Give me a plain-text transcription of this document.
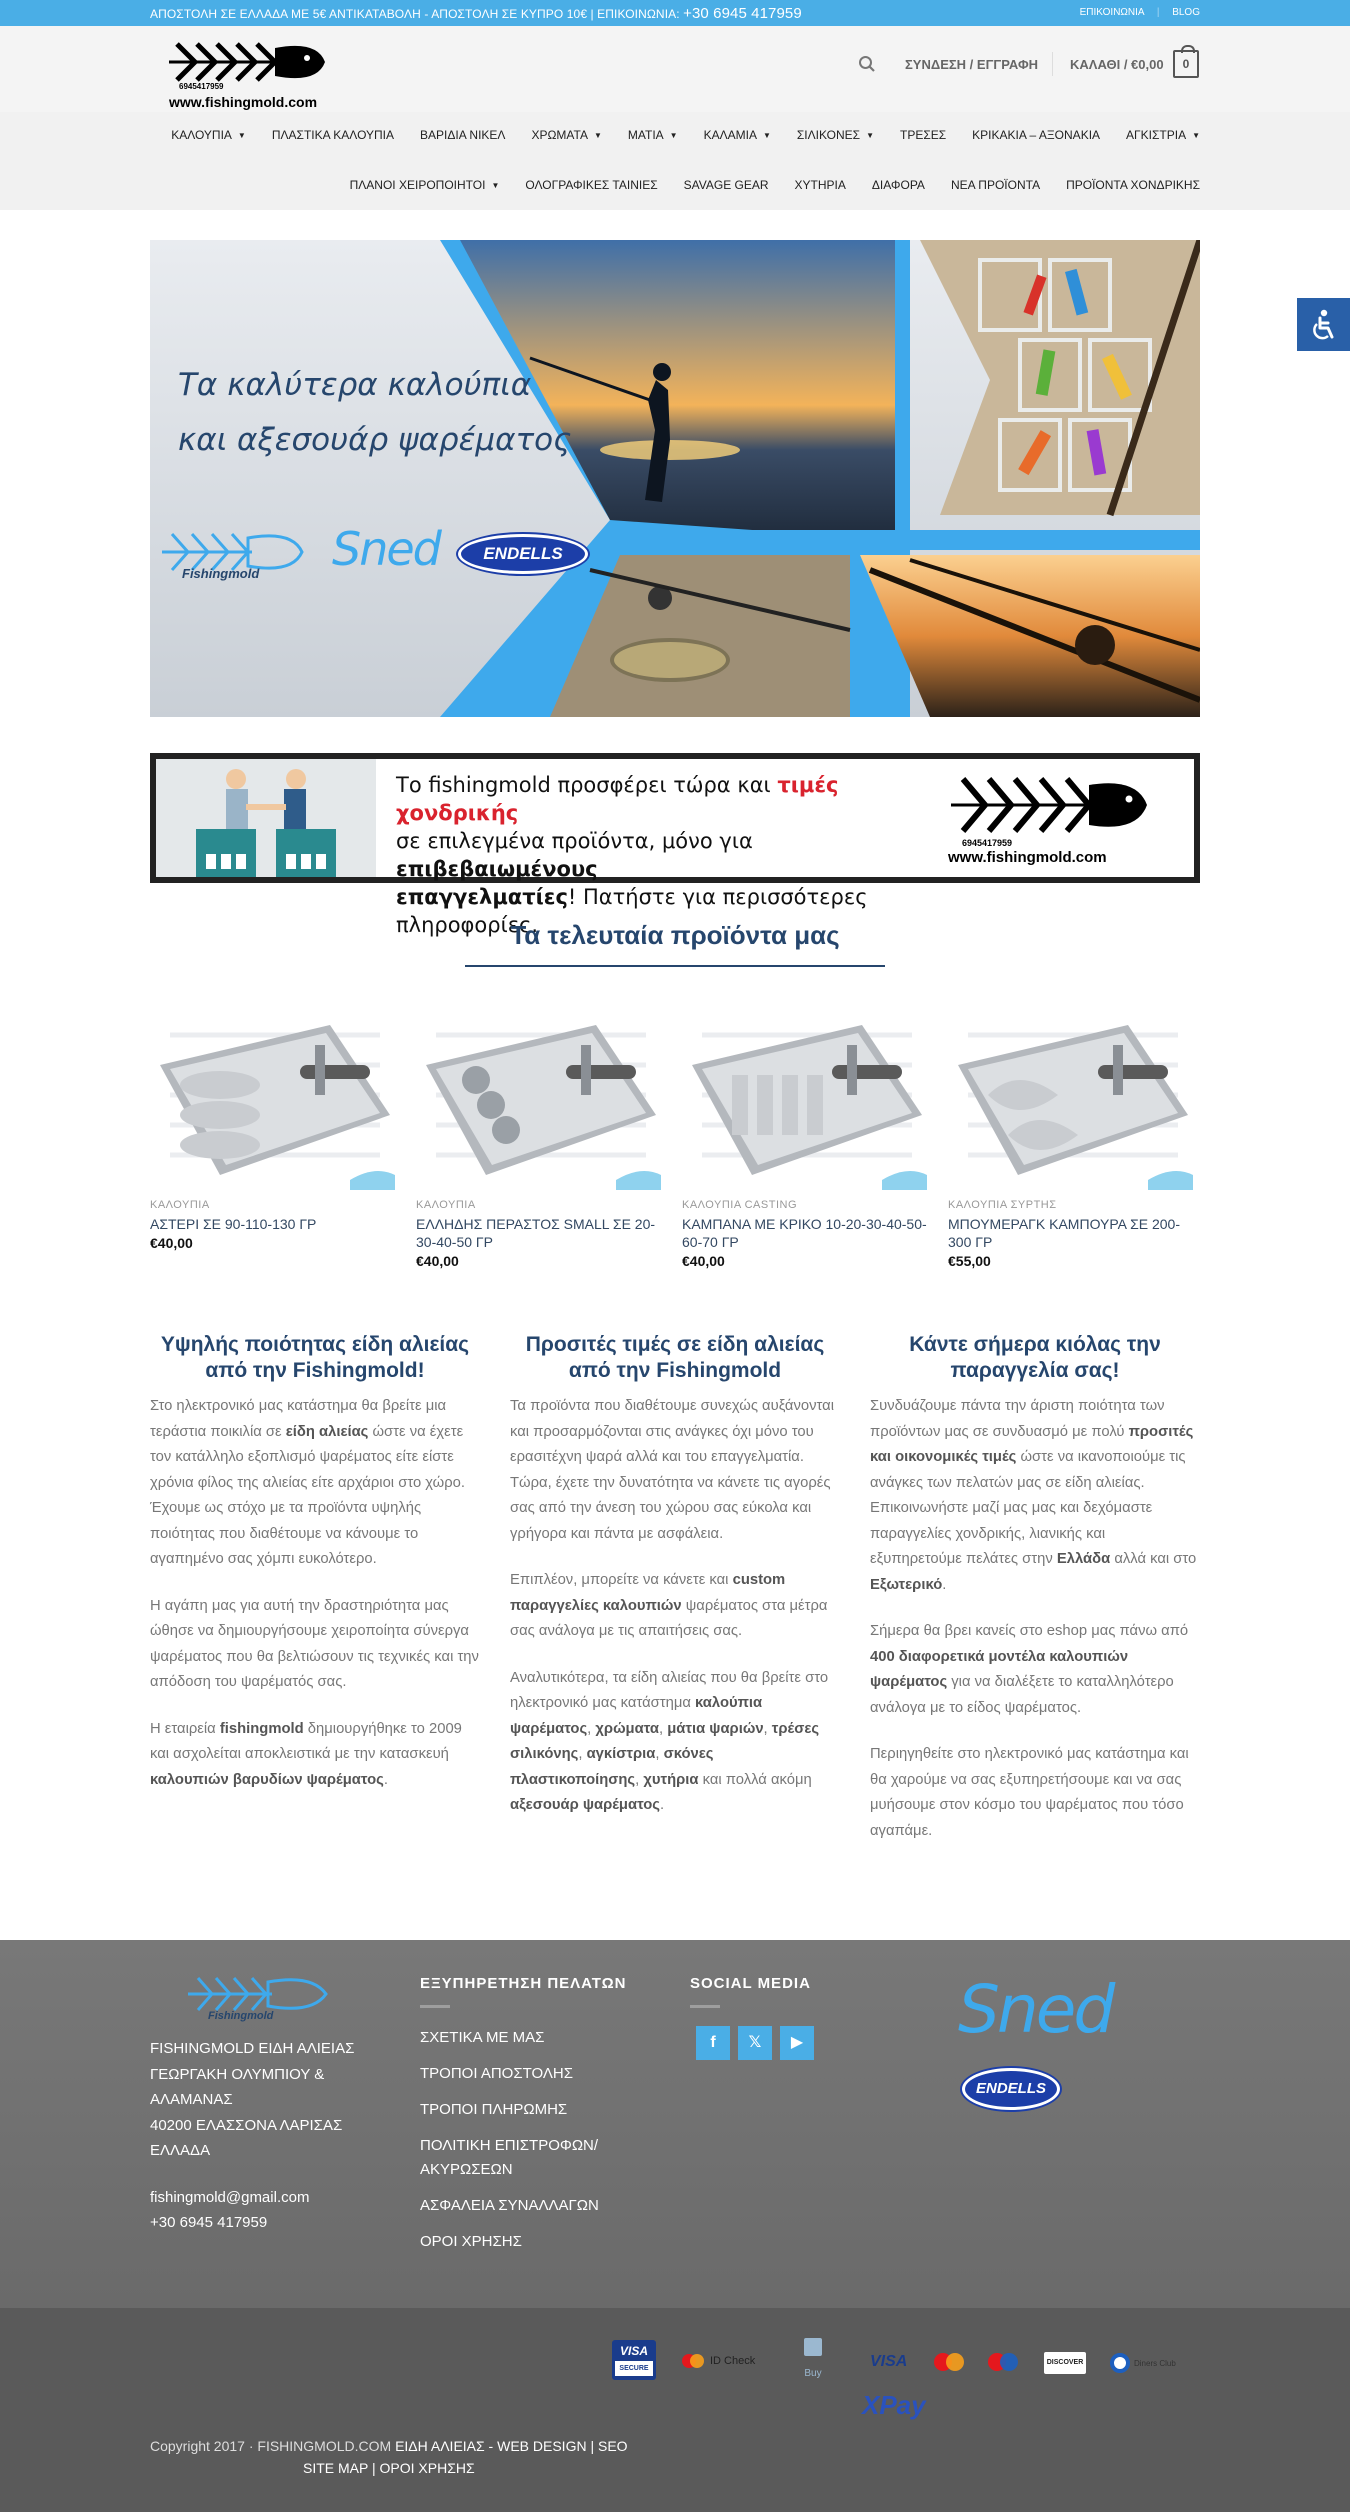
ΑΠΟΣΤΟΛΗ ΣΕ ΕΛΛΑΔΑ ΜΕ 5€ ΑΝΤΙΚΑΤΑΒΟΛΗ - ΑΠΟΣΤΟΛΗ ΣΕ ΚΥΠΡΟ 10€ | ΕΠΙΚΟΙΝΩΝΙΑ: +30 6945 417959	ΕΠΙΚΟΙΝΩΝΙΑ | BLOG
6945417959
www.fishingmold.com
ΣΥΝΔΕΣΗ / ΕΓΓΡΑΦΗ ΚΑΛΑΘΙ / €0,00	0
ΚΑΛΟΥΠΙΑ ▼ ΠΛΑΣΤΙΚΑ ΚΑΛΟΥΠΙΑ ΒΑΡΙΔΙΑ ΝΙΚΕΛ ΧΡΩΜΑΤΑ ▼ ΜΑΤΙΑ ▼ ΚΑΛΑΜΙΑ ▼ ΣΙΛΙΚΟΝΕΣ ▼ ΤΡΕΣΕΣ ΚΡΙΚΑΚΙΑ – ΑΞΟΝΑΚΙΑ ΑΓΚΙΣΤΡΙΑ ▼
ΠΛΑΝΟΙ ΧΕΙΡΟΠΟΙΗΤΟΙ ▼ ΟΛΟΓΡΑΦΙΚΕΣ ΤΑΙΝΙΕΣ SAVAGE GEAR ΧΥΤΗΡΙΑ ΔΙΑΦΟΡΑ ΝΕΑ ΠΡΟΪΟΝΤΑ ΠΡΟΪΟΝΤΑ ΧΟΝΔΡΙΚΗΣ
Τα καλύτερα καλούπια
και αξεσουάρ ψαρέματος
Fishingmold Sned	ENDELLS
Το fishingmold προσφέρει τώρα και τιμές χονδρικής
σε επιλεγμένα προϊόντα, μόνο για επιβεβαιωμένους
επαγγελματίες! Πατήστε για περισσότερες πληροφορίες.
6945417959
www.fishingmold.com
Τα τελευταία προϊόντα μας
ΚΑΛΟΥΠΙΑ
ΑΣΤΕΡΙ ΣΕ 90-110-130 ΓΡ
€40,00
ΚΑΛΟΥΠΙΑ
ΕΛΛΗΔΗΣ ΠΕΡΑΣΤΟΣ SMALL ΣΕ 20-30-40-50 ΓΡ
€40,00
ΚΑΛΟΥΠΙΑ CASTING
ΚΑΜΠΑΝΑ ΜΕ ΚΡΙΚΟ 10-20-30-40-50-60-70 ΓΡ
€40,00
ΚΑΛΟΥΠΙΑ ΣΥΡΤΗΣ
ΜΠΟΥΜΕΡΑΓΚ ΚΑΜΠΟΥΡΑ ΣΕ 200-300 ΓΡ
€55,00
Υψηλής ποιότητας είδη αλιείας από την Fishingmold!
Στο ηλεκτρονικό μας κατάστημα θα βρείτε μια τεράστια ποικιλία σε είδη αλιείας ώστε να έχετε τον κατάλληλο εξοπλισμό ψαρέματος είτε είστε χρόνια φίλος της αλιείας είτε αρχάριοι στο χώρο. Έχουμε ως στόχο με τα προϊόντα υψηλής ποιότητας που διαθέτουμε να κάνουμε το αγαπημένο σας χόμπι ευκολότερο.
Η αγάπη μας για αυτή την δραστηριότητα μας ώθησε να δημιουργήσουμε χειροποίητα σύνεργα ψαρέματος που θα βελτιώσουν τις τεχνικές και την απόδοση του ψαρέματός σας.
Η εταιρεία fishingmold δημιουργήθηκε το 2009 και ασχολείται αποκλειστικά με την κατασκευή καλουπιών βαρυδίων ψαρέματος.
Προσιτές τιμές σε είδη αλιείας από την Fishingmold
Τα προϊόντα που διαθέτουμε συνεχώς αυξάνονται και προσαρμόζονται στις ανάγκες όχι μόνο του ερασιτέχνη ψαρά αλλά και του επαγγελματία. Τώρα, έχετε την δυνατότητα να κάνετε τις αγορές σας από την άνεση του χώρου σας εύκολα και γρήγορα και πάντα με ασφάλεια.
Επιπλέον, μπορείτε να κάνετε και custom παραγγελίες καλουπιών ψαρέματος στα μέτρα σας ανάλογα με τις απαιτήσεις σας.
Αναλυτικότερα, τα είδη αλιείας που θα βρείτε στο ηλεκτρονικό μας κατάστημα καλούπια ψαρέματος, χρώματα, μάτια ψαριών, τρέσες σιλικόνης, αγκίστρια, σκόνες πλαστικοποίησης, χυτήρια και πολλά ακόμη αξεσουάρ ψαρέματος.
Κάντε σήμερα κιόλας την παραγγελία σας!
Συνδυάζουμε πάντα την άριστη ποιότητα των προϊόντων μας σε συνδυασμό με πολύ προσιτές και οικονομικές τιμές ώστε να ικανοποιούμε τις ανάγκες των πελατών μας σε είδη αλιείας. Επικοινωνήστε μαζί μας μας και δεχόμαστε παραγγελίες χονδρικής, λιανικής και εξυπηρετούμε πελάτες στην Ελλάδα αλλά και στο Εξωτερικό.
Σήμερα θα βρει κανείς στο eshop μας πάνω από 400 διαφορετικά μοντέλα καλουπιών ψαρέματος για να διαλέξετε το καταλληλότερο ανάλογα με το είδος ψαρέματος.
Περιηγηθείτε στο ηλεκτρονικό μας κατάστημα και θα χαρούμε να σας εξυπηρετήσουμε και να σας μυήσουμε στον κόσμο του ψαρέματος που τόσο αγαπάμε.
Fishingmold
FISHINGMOLD ΕΙΔΗ ΑΛΙΕΙΑΣ
ΓΕΩΡΓΑΚΗ ΟΛΥΜΠΙΟΥ &
ΑΛΑΜΑΝΑΣ
40200 ΕΛΑΣΣΟΝΑ ΛΑΡΙΣΑΣ
ΕΛΛΑΔΑ
fishingmold@gmail.com
+30 6945 417959
ΕΞΥΠΗΡΕΤΗΣΗ ΠΕΛΑΤΩΝ
ΣΧΕΤΙΚΑ ΜΕ ΜΑΣ
ΤΡΟΠΟΙ ΑΠΟΣΤΟΛΗΣ
ΤΡΟΠΟΙ ΠΛΗΡΩΜΗΣ
ΠΟΛΙΤΙΚΗ ΕΠΙΣΤΡΟΦΩΝ/ ΑΚΥΡΩΣΕΩΝ
ΑΣΦΑΛΕΙΑ ΣΥΝΑΛΛΑΓΩΝ
ΟΡΟΙ ΧΡΗΣΗΣ
SOCIAL MEDIA
f 𝕏 ▶	Sned
ENDELLS
VISA
SECURE
ID Check
Buy
VISA	DISCOVER	Diners Club
XPay
Copyright 2017 · FISHINGMOLD.COM ΕΙΔΗ ΑΛΙΕΙΑΣ - WEB DESIGN | SEO
SITE MAP | ΟΡΟΙ ΧΡΗΣΗΣ
